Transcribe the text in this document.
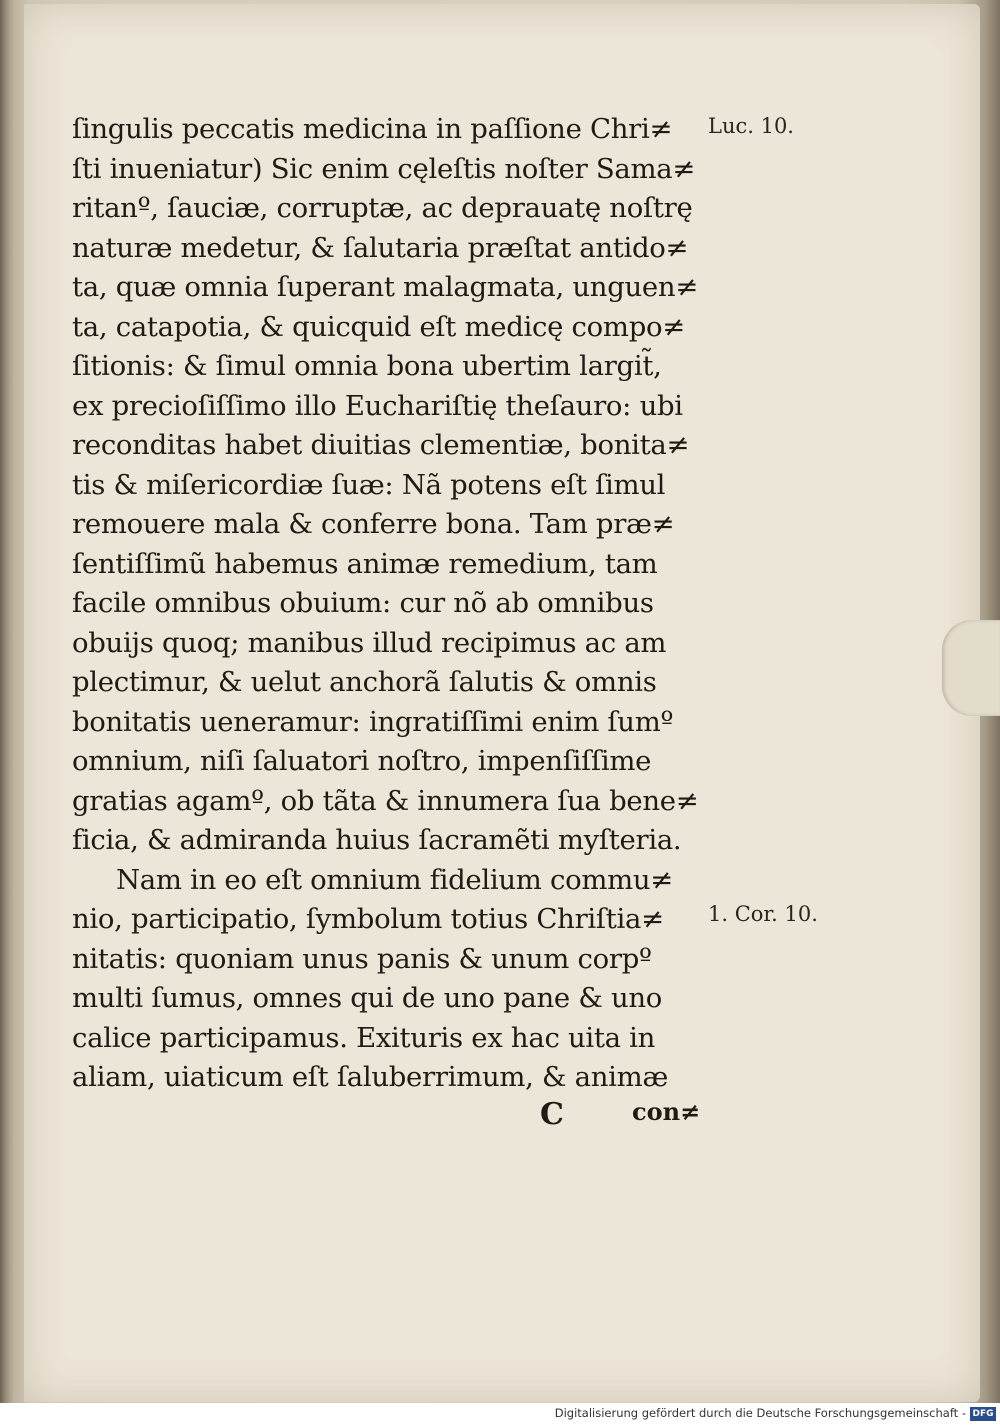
ſingulis peccatis medicina in paſſione Chri≠
ſti inueniatur) Sic enim cęleſtis noſter Sama≠
ritanº, ſauciæ, corruptæ, ac deprauatę noſtrę
naturæ medetur, & ſalutaria præſtat antido≠
ta, quæ omnia ſuperant malagmata, unguen≠
ta, catapotia, & quicquid eſt medicę compo≠
ſitionis: & ſimul omnia bona ubertim largit̃,
ex precioſiſſimo illo Euchariſtię theſauro: ubi
reconditas habet diuitias clementiæ, bonita≠
tis & miſericordiæ ſuæ: Nã potens eſt ſimul
remouere mala & conferre bona. Tam præ≠
ſentiſſimũ habemus animæ remedium, tam
facile omnibus obuium: cur nõ ab omnibus
obuijs quoq; manibus illud recipimus ac am
plectimur, & uelut anchorã ſalutis & omnis
bonitatis ueneramur: ingratiſſimi enim ſumº
omnium, niſi ſaluatori noſtro, impenſiſſime
gratias agamº, ob tãta & innumera ſua bene≠
ficia, & admiranda huius ſacramẽti myſteria.
Nam in eo eſt omnium fidelium commu≠
nio, participatio, ſymbolum totius Chriſtia≠
nitatis: quoniam unus panis & unum corpº
multi ſumus, omnes qui de uno pane & uno
calice participamus. Exituris ex hac uita in
aliam, uiaticum eſt ſaluberrimum, & animæ
C	con≠
Luc. 10.
1. Cor. 10.
Digitalisierung gefördert durch die Deutsche Forschungsgemeinschaft - DFG
